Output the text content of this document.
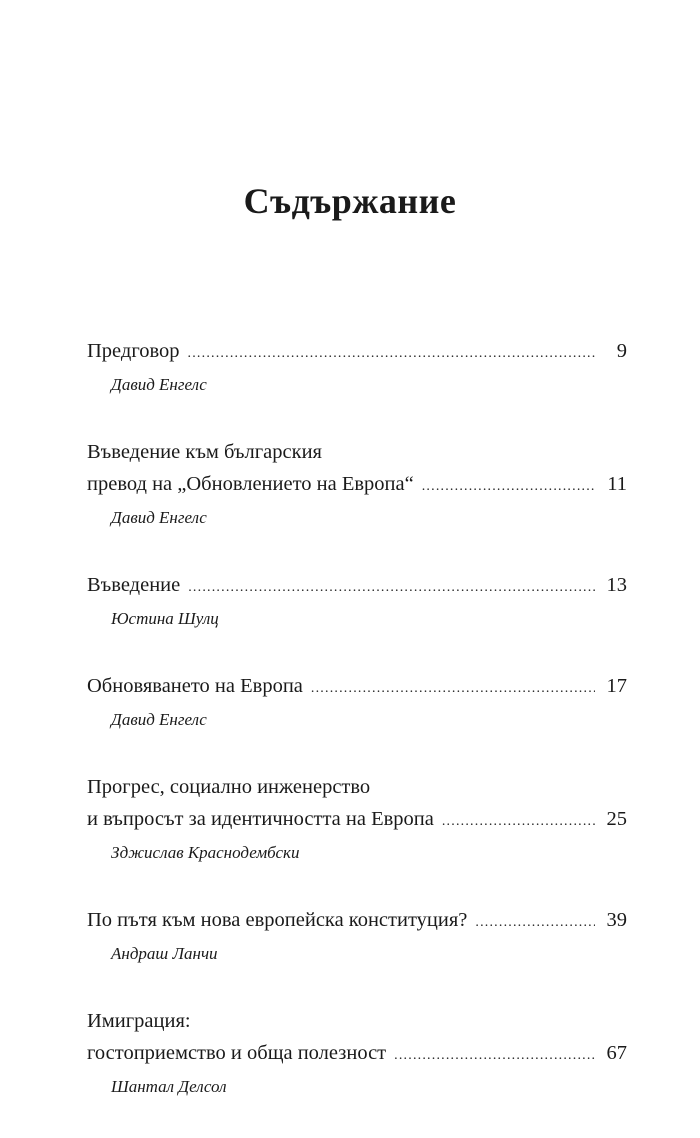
Съдържание
Предговор .....	9
Давид Енгелс
Въведение към българския
превод на „Обновлението на Европа“ .....	11
Давид Енгелс
Въведение .....	13
Юстина Шулц
Обновяването на Европа .....	17
Давид Енгелс
Прогрес, социално инженерство
и въпросът за идентичността на Европа .....	25
Зджислав Краснодембски
По пътя към нова европейска конституция? .....	39
Андраш Ланчи
Имиграция:
гостоприемство и обща полезност .....	67
Шантал Делсол
